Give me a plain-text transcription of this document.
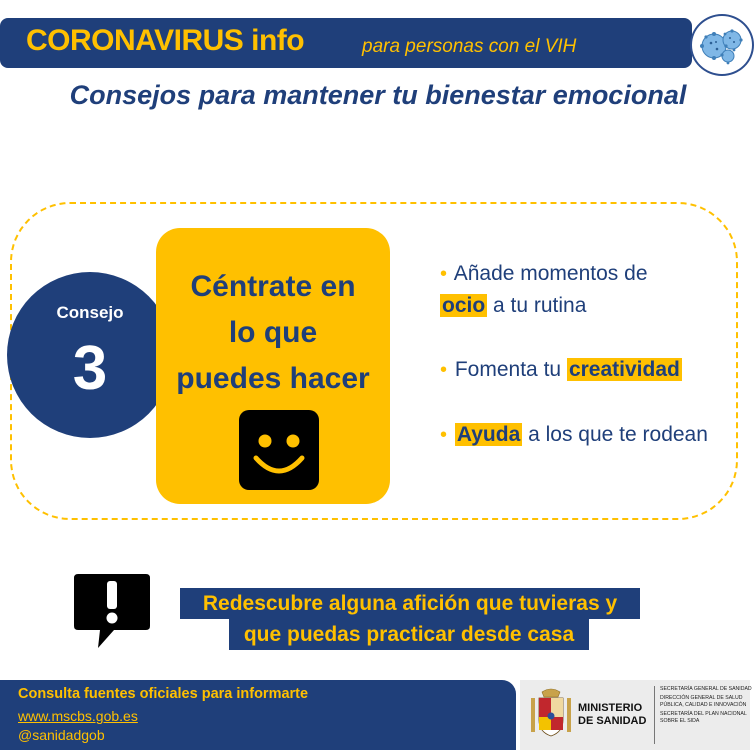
CORONAVIRUS info	para personas con el VIH
Consejos para mantener tu bienestar emocional
Consejo
3
Céntrate en
lo que
puedes hacer
• Añade momentos de
ocio a tu rutina
• Fomenta tu creatividad
• Ayuda a los que te rodean
Redescubre alguna afición que tuvieras y
que puedas practicar desde casa
Consulta fuentes oficiales para informarte
www.mscbs.gob.es
@sanidadgob
MINISTERIO
DE SANIDAD
SECRETARÍA GENERAL DE SANIDAD
DIRECCIÓN GENERAL DE SALUD PÚBLICA, CALIDAD E INNOVACIÓN
SECRETARÍA DEL PLAN NACIONAL SOBRE EL SIDA
